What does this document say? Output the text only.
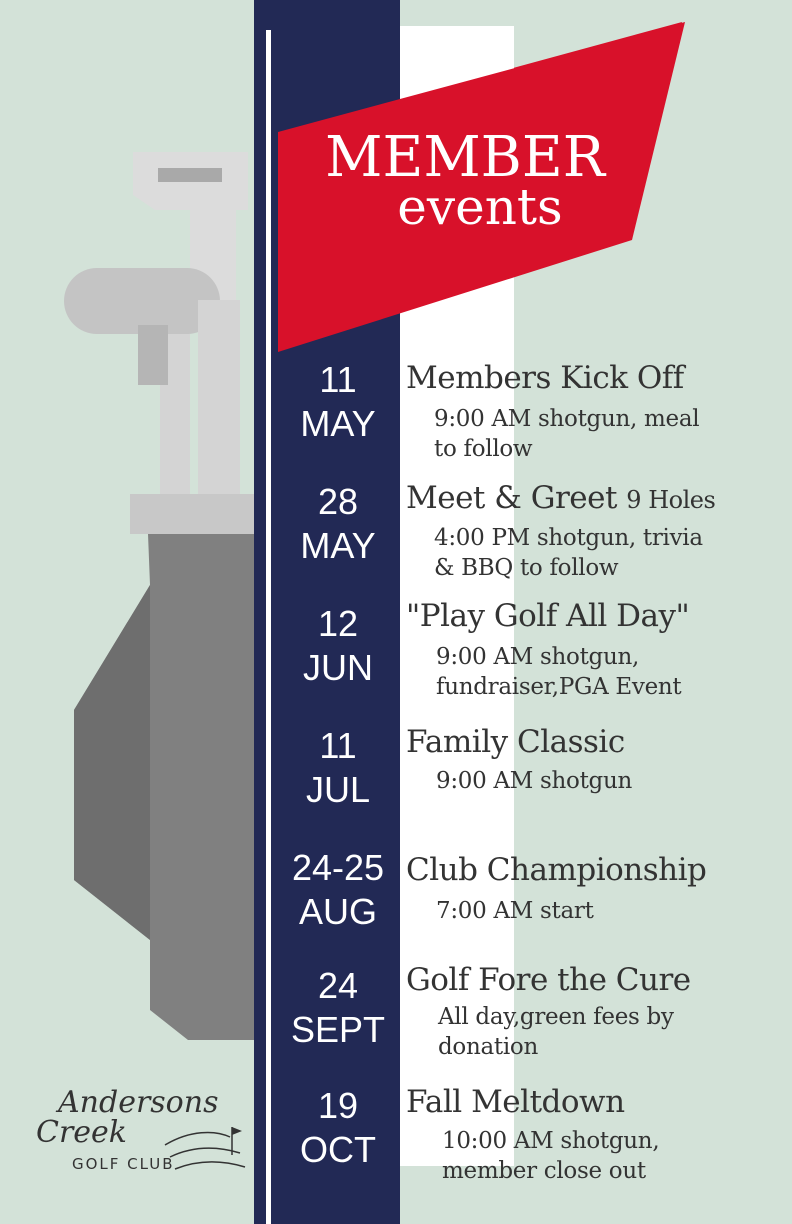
MEMBER
events
11
MAY
Members Kick Off
9:00 AM shotgun, meal
to follow
28
MAY
Meet & Greet 9 Holes
4:00 PM shotgun, trivia
& BBQ to follow
12
JUN
"Play Golf All Day"
9:00 AM shotgun,
fundraiser,PGA Event
11
JUL
Family Classic
9:00 AM shotgun
24-25
AUG
Club Championship
7:00 AM start
24
SEPT
Golf Fore the Cure
All day,green fees by
donation
19
OCT
Fall Meltdown
10:00 AM shotgun,
member close out
Andersons
Creek
GOLF CLUB
